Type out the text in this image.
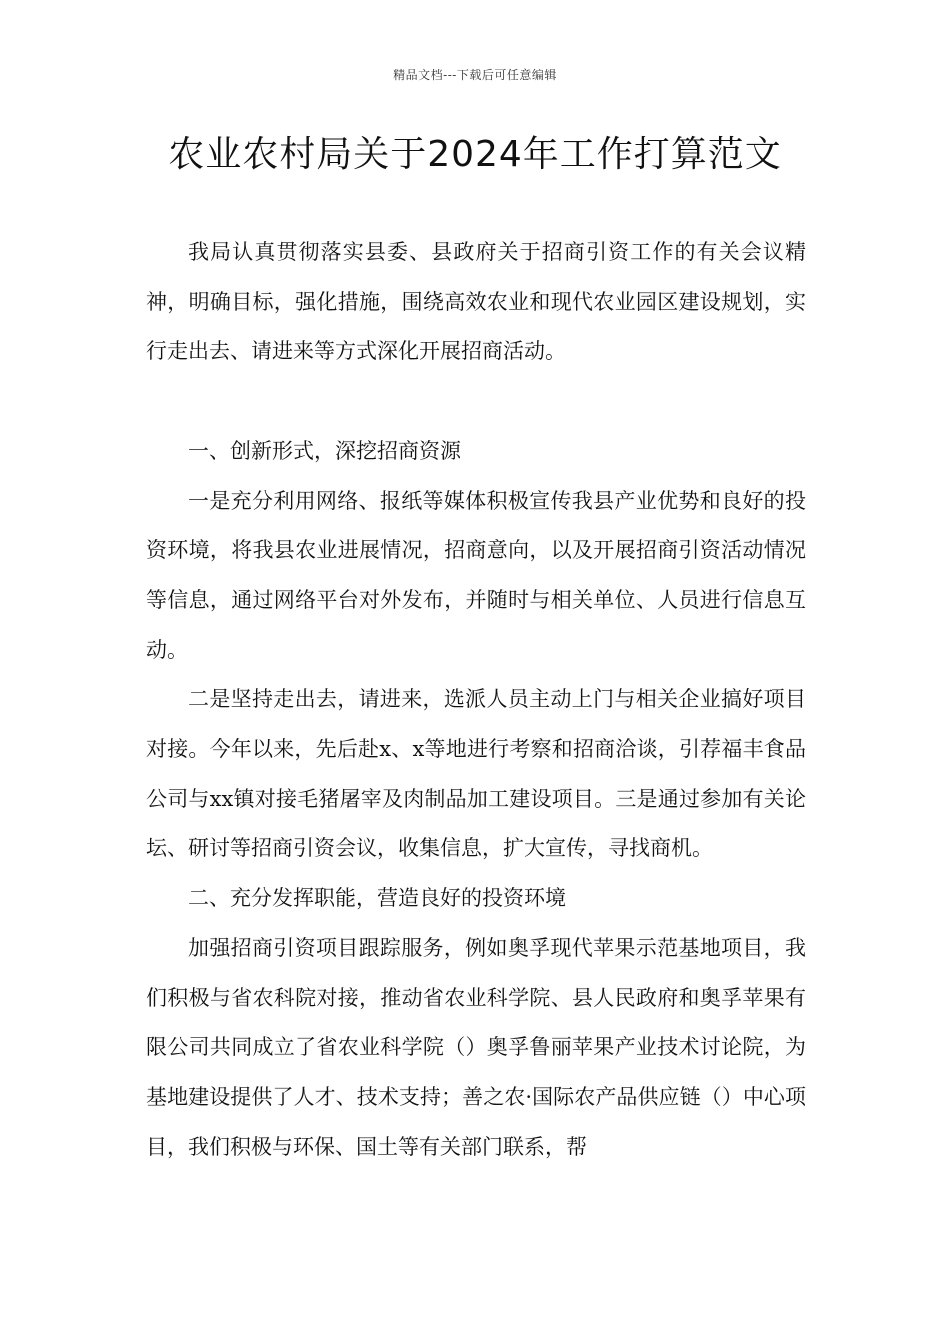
精品文档---下载后可任意编辑
农业农村局关于2024年工作打算范文

我局认真贯彻落实县委、县政府关于招商引资工作的有关会议精神，明确目标，强化措施，围绕高效农业和现代农业园区建设规划，实行走出去、请进来等方式深化开展招商活动。

一、创新形式，深挖招商资源

一是充分利用网络、报纸等媒体积极宣传我县产业优势和良好的投资环境，将我县农业进展情况，招商意向，以及开展招商引资活动情况等信息，通过网络平台对外发布，并随时与相关单位、人员进行信息互动。

二是坚持走出去，请进来，选派人员主动上门与相关企业搞好项目对接。今年以来，先后赴x、x等地进行考察和招商洽谈，引荐福丰食品公司与xx镇对接毛猪屠宰及肉制品加工建设项目。三是通过参加有关论坛、研讨等招商引资会议，收集信息，扩大宣传，寻找商机。

二、充分发挥职能，营造良好的投资环境

加强招商引资项目跟踪服务，例如奥孚现代苹果示范基地项目，我们积极与省农科院对接，推动省农业科学院、县人民政府和奥孚苹果有限公司共同成立了省农业科学院（）奥孚鲁丽苹果产业技术讨论院，为基地建设提供了人才、技术支持；善之农·国际农产品供应链（）中心项目，我们积极与环保、国土等有关部门联系，帮
